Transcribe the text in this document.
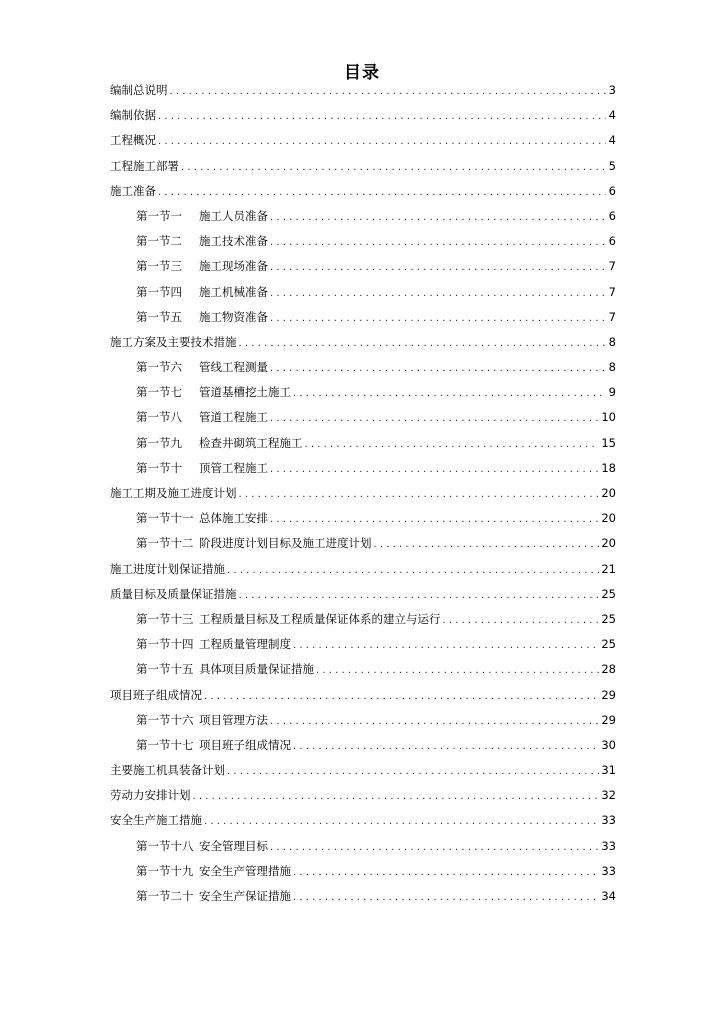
目录
编制总说明 .....	3
编制依据 .....	4
工程概况 .....	4
工程施工部署 .....	5
施工准备 .....	6
第一节一	施工人员准备 .....	6
第一节二	施工技术准备 .....	6
第一节三	施工现场准备 .....	7
第一节四	施工机械准备 .....	7
第一节五	施工物资准备 .....	7
施工方案及主要技术措施 .....	8
第一节六	管线工程测量 .....	8
第一节七	管道基槽挖土施工 .....	9
第一节八	管道工程施工 .....	10
第一节九	检查井砌筑工程施工 .....	15
第一节十	顶管工程施工 .....	18
施工工期及施工进度计划 .....	20
第一节十一 总体施工安排 .....	20
第一节十二 阶段进度计划目标及施工进度计划 .....	20
施工进度计划保证措施 .....	21
质量目标及质量保证措施 .....	25
第一节十三 工程质量目标及工程质量保证体系的建立与运行 .....	25
第一节十四 工程质量管理制度 .....	25
第一节十五 具体项目质量保证措施 .....	28
项目班子组成情况 .....	29
第一节十六 项目管理方法 .....	29
第一节十七 项目班子组成情况 .....	30
主要施工机具装备计划 .....	31
劳动力安排计划 .....	32
安全生产施工措施 .....	33
第一节十八 安全管理目标 .....	33
第一节十九 安全生产管理措施 .....	33
第一节二十 安全生产保证措施 .....	34
